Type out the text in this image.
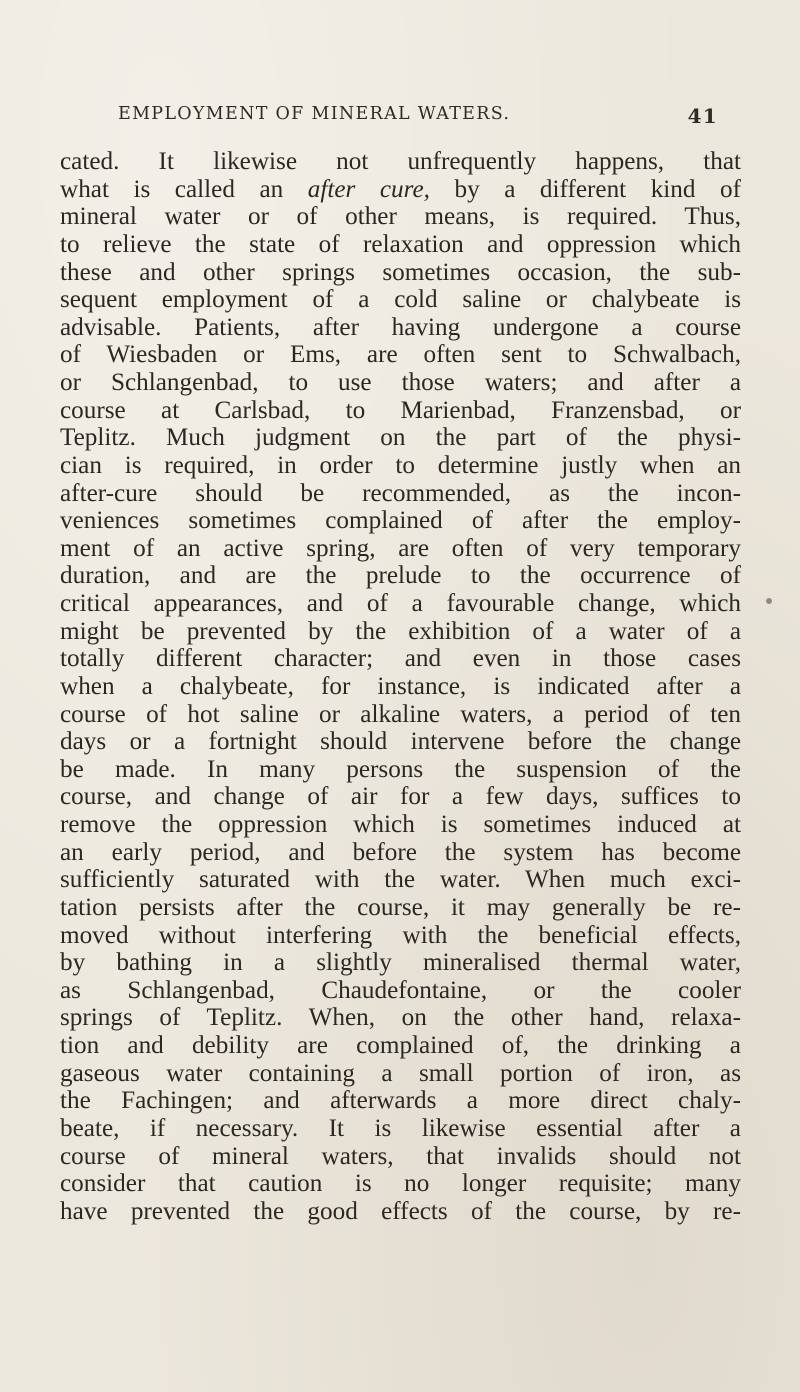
EMPLOYMENT OF MINERAL WATERS.	41
cated. It likewise not unfrequently happens, that
what is called an after cure, by a different kind of
mineral water or of other means, is required. Thus,
to relieve the state of relaxation and oppression which
these and other springs sometimes occasion, the sub-
sequent employment of a cold saline or chalybeate is
advisable. Patients, after having undergone a course
of Wiesbaden or Ems, are often sent to Schwalbach,
or Schlangenbad, to use those waters; and after a
course at Carlsbad, to Marienbad, Franzensbad, or
Teplitz. Much judgment on the part of the physi-
cian is required, in order to determine justly when an
after-cure should be recommended, as the incon-
veniences sometimes complained of after the employ-
ment of an active spring, are often of very temporary
duration, and are the prelude to the occurrence of
critical appearances, and of a favourable change, which
might be prevented by the exhibition of a water of a
totally different character; and even in those cases
when a chalybeate, for instance, is indicated after a
course of hot saline or alkaline waters, a period of ten
days or a fortnight should intervene before the change
be made. In many persons the suspension of the
course, and change of air for a few days, suffices to
remove the oppression which is sometimes induced at
an early period, and before the system has become
sufficiently saturated with the water. When much exci-
tation persists after the course, it may generally be re-
moved without interfering with the beneficial effects,
by bathing in a slightly mineralised thermal water,
as Schlangenbad, Chaudefontaine, or the cooler
springs of Teplitz. When, on the other hand, relaxa-
tion and debility are complained of, the drinking a
gaseous water containing a small portion of iron, as
the Fachingen; and afterwards a more direct chaly-
beate, if necessary. It is likewise essential after a
course of mineral waters, that invalids should not
consider that caution is no longer requisite; many
have prevented the good effects of the course, by re-
